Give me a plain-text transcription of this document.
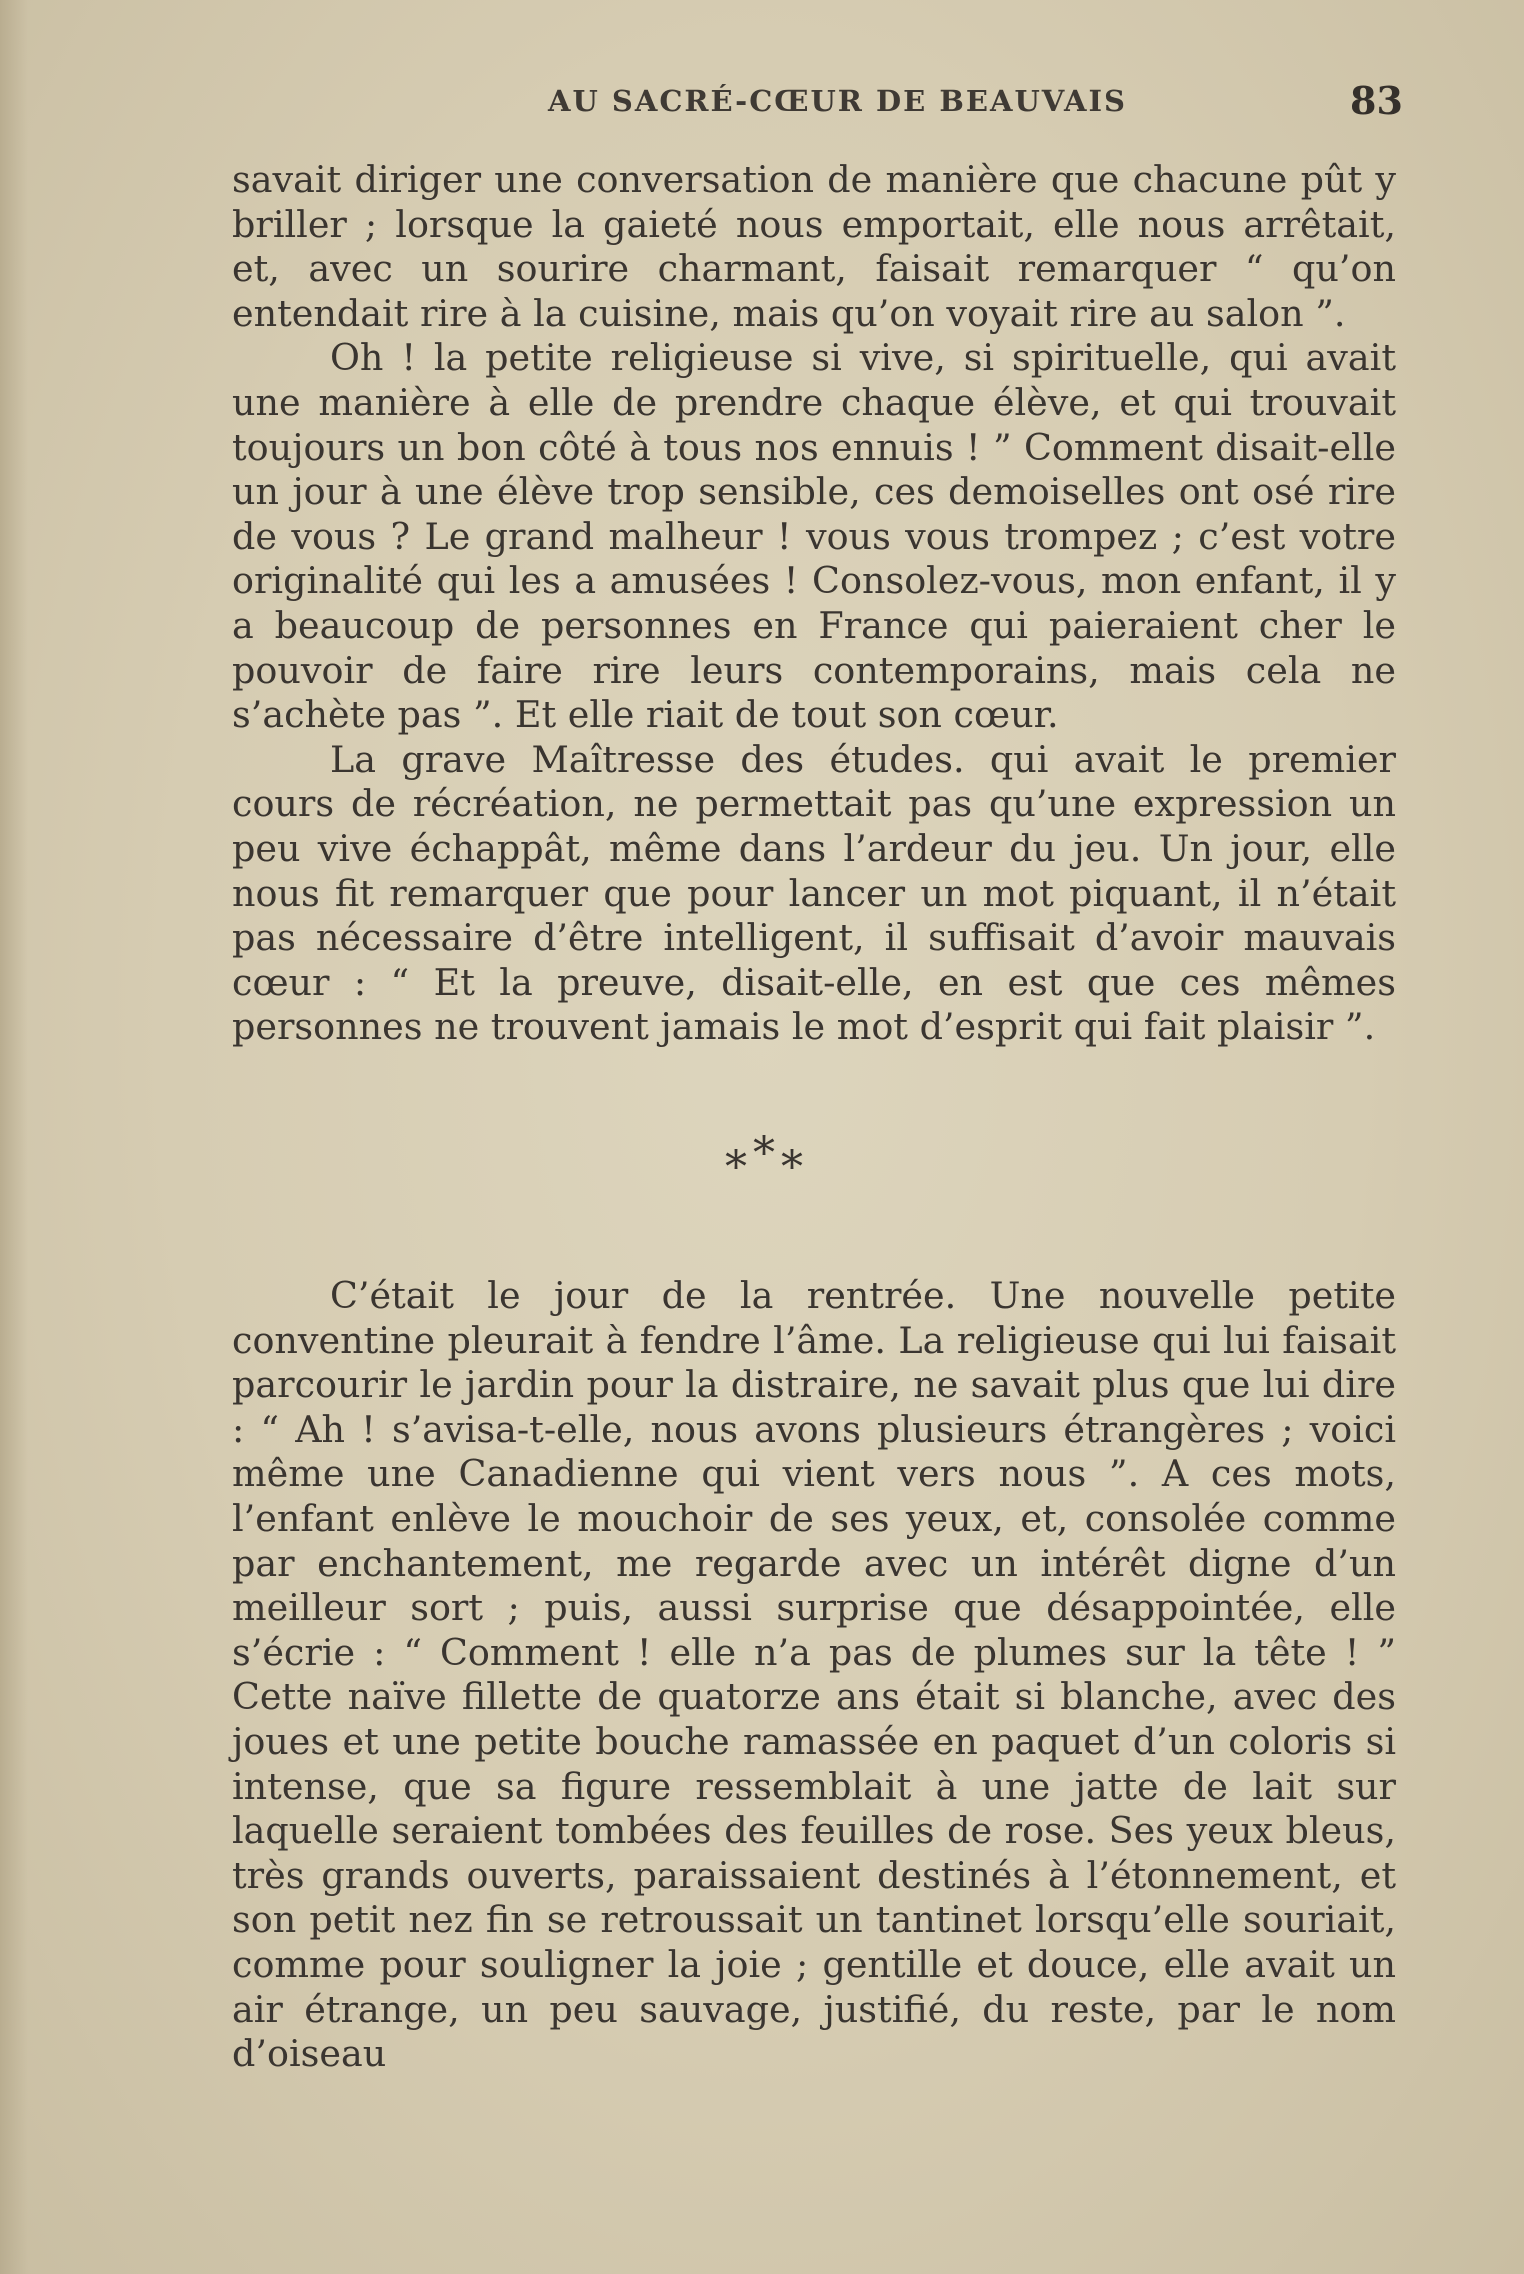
AU SACRÉ-CŒUR DE BEAUVAIS	83

savait diriger une conversation de manière que chacune pût y briller ; lorsque la gaieté nous emportait, elle nous arrêtait, et, avec un sourire charmant, faisait remarquer “ qu’on entendait rire à la cuisine, mais qu’on voyait rire au salon ”.

Oh ! la petite religieuse si vive, si spirituelle, qui avait une manière à elle de prendre chaque élève, et qui trouvait toujours un bon côté à tous nos ennuis ! ” Comment disait-elle un jour à une élève trop sensible, ces demoiselles ont osé rire de vous ? Le grand malheur ! vous vous trompez ; c’est votre originalité qui les a amusées ! Consolez-vous, mon enfant, il y a beaucoup de personnes en France qui paieraient cher le pouvoir de faire rire leurs contemporains, mais cela ne s’achète pas ”. Et elle riait de tout son cœur.

La grave Maîtresse des études. qui avait le premier cours de récréation, ne permettait pas qu’une expression un peu vive échappât, même dans l’ardeur du jeu. Un jour, elle nous fit remarquer que pour lancer un mot piquant, il n’était pas nécessaire d’être intelligent, il suffisait d’avoir mauvais cœur : “ Et la preuve, disait-elle, en est que ces mêmes personnes ne trouvent jamais le mot d’esprit qui fait plaisir ”.

* * *

C’était le jour de la rentrée. Une nouvelle petite conventine pleurait à fendre l’âme. La religieuse qui lui faisait parcourir le jardin pour la distraire, ne savait plus que lui dire : “ Ah ! s’avisa-t-elle, nous avons plusieurs étrangères ; voici même une Canadienne qui vient vers nous ”. A ces mots, l’enfant enlève le mouchoir de ses yeux, et, consolée comme par enchantement, me regarde avec un intérêt digne d’un meilleur sort ; puis, aussi surprise que désappointée, elle s’écrie : “ Comment ! elle n’a pas de plumes sur la tête ! ” Cette naïve fillette de quatorze ans était si blanche, avec des joues et une petite bouche ramassée en paquet d’un coloris si intense, que sa figure ressemblait à une jatte de lait sur laquelle seraient tombées des feuilles de rose. Ses yeux bleus, très grands ouverts, paraissaient destinés à l’étonnement, et son petit nez fin se retroussait un tantinet lorsqu’elle souriait, comme pour souligner la joie ; gentille et douce, elle avait un air étrange, un peu sauvage, justifié, du reste, par le nom d’oiseau
